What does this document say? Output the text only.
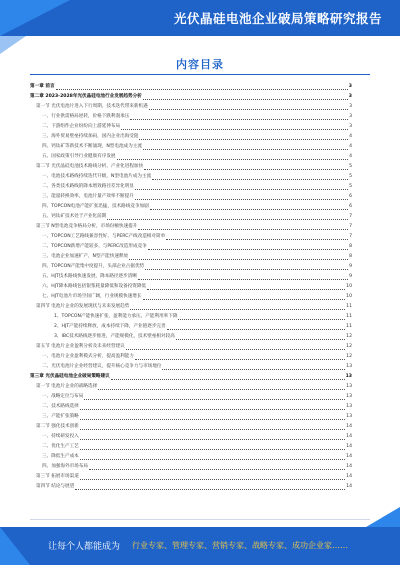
光伏晶硅电池企业破局策略研究报告
内容目录
第一章 前言	3
第二章 2023-2028年光伏晶硅电池行业发展趋势分析	3
第一节 光伏电池片进入下行周期，技术迭代带来新机遇	3
一、行业供需格局逆转，价格下跌利润承压	3
二、下游组件企业纷纷向上游延伸布局	3
三、海外贸易壁垒持续加码，国内企业出海受阻	4
四、钙钛矿等新技术不断涌现，N型电池成为主流	4
五、国家政策引导行业健康有序发展	4
第二节 光伏晶硅电池技术路线分析，产业化进程加快	5
一、电池技术路线持续迭代升级，N型电池片成为主流	5
二、各类技术路线的降本增效路径差异化明显	5
三、能量转换效率，电池片量产效率不断提升	6
四、TOPCON电池产能扩张迅猛，技术路线竞争加剧	6
五、钙钛矿技术处于产业化前期	7
第三节 N型电池竞争格局分析，市场份额快速提升	7
一、TOPCON工艺路线兼容性好，与PERC产线改造相对简单	7
二、TOPCON新增产能较多，与PERC改造形成竞争	8
三、电池企业加速扩产，N型产能快速释放	8
四、TOPCON产能集中度提升，头部企业占据优势	9
五、HJT技术路线快速发展，降本路径逐步清晰	9
六、HJT降本路线包括银浆耗量降低和设备投资降低	10
七、HJT电池片市场空间广阔，行业规模快速增长	10
第四节 电池片企业的发展现状与未来发展趋势	11
1、TOPCON产能快速扩张，盈利能力承压，产能利用率下降	11
2、HJT产能持续释放，成本持续下降，产业链逐步完善	11
3、IBC技术路线逐步推进，产能规模化，技术壁垒相对较高	12
第五节 电池片企业盈利分析及未来经营建议	12
一、电池片企业盈利模式分析，提高盈利能力	12
二、光伏电池片企业经营建议，提升核心竞争力与市场地位	13
第三章 光伏晶硅电池企业破局策略建议	13
第一节 电池片企业的战略选择	13
一、战略定位与布局	13
二、技术路线选择	13
三、产能扩张策略	13
第二节 强化技术创新	14
一、持续研发投入	14
二、优化生产工艺	14
三、降低生产成本	14
四、加强海外市场布局	14
第三节 拓展市场渠道	14
第四节 结论与展望	14
让每个人都能成为 行业专家、管理专家、营销专家、战略专家、成功企业家……
